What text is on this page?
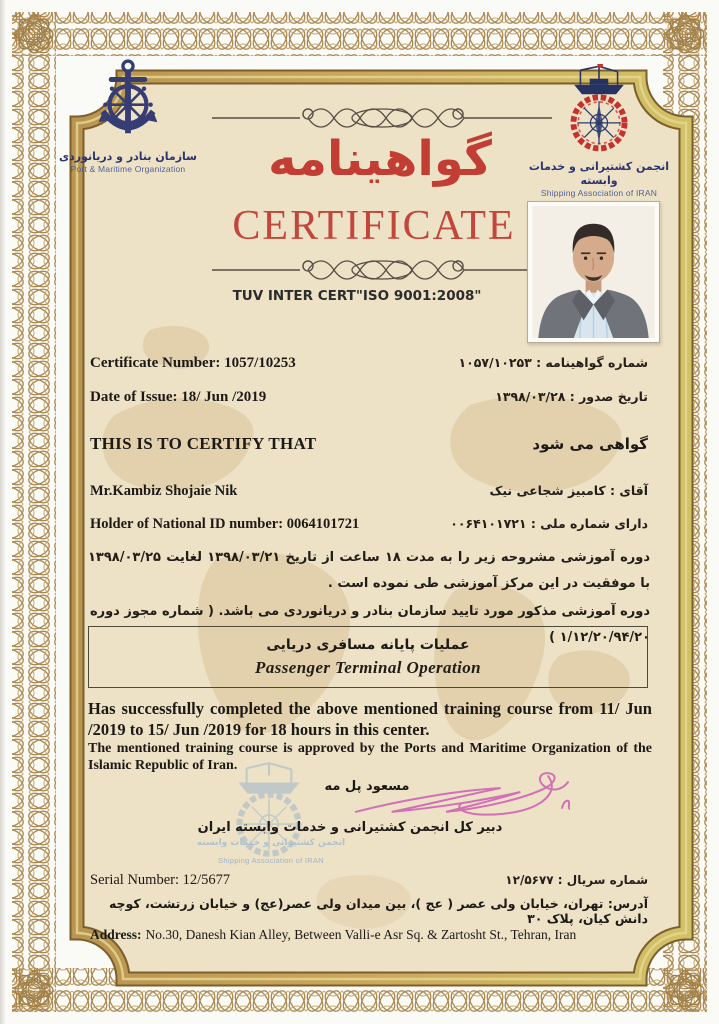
سازمان بنادر و دریانوردی
Port & Maritime Organization	انجمن کشتیرانی و خدمات وابسته
Shipping Association of IRAN
گواهینامه
CERTIFICATE
TUV INTER CERT"ISO 9001:2008"
Certificate Number: 1057/10253	شماره گواهینامه : ۱۰۵۷/۱۰۲۵۳
Date of Issue: 18/ Jun /2019	تاریخ صدور : ۱۳۹۸/۰۳/۲۸
THIS IS TO CERTIFY THAT	گواهی می شود
Mr.Kambiz Shojaie Nik	آقای : کامبیز شجاعی نیک
Holder of National ID number: 0064101721	دارای شماره ملی : ۰۰۶۴۱۰۱۷۲۱
دوره آموزشی مشروحه زیر را به مدت ۱۸ ساعت از تاریخ ۱۳۹۸/۰۳/۲۱ لغایت ۱۳۹۸/۰۳/۲۵ با موفقیت در این مرکز آموزشی طی نموده است .
دوره آموزشی مذکور مورد تایید سازمان بنادر و دریانوردی می باشد. ( شماره مجوز دوره ۱/۱۲/۲۰/۹۴/۲۰ )
عملیات پایانه مسافری دریایی
Passenger Terminal Operation
Has successfully completed the above mentioned training course from 11/ Jun /2019 to 15/ Jun /2019 for 18 hours in this center.
The mentioned training course is approved by the Ports and Maritime Organization of the Islamic Republic of Iran.
انجمن کشتیرانی و خدمات وابسته
Shipping Association of IRAN
مسعود پل مه
دبیر کل انجمن کشتیرانی و خدمات وابسته ایران
Serial Number: 12/5677	شماره سریال : ۱۲/۵۶۷۷
آدرس: تهران، خیابان ولی عصر ( عج )، بین میدان ولی عصر(عج) و خیابان زرتشت، کوچه دانش کیان، پلاک ۳۰
Address: No.30, Danesh Kian Alley, Between Valli-e Asr Sq. & Zartosht St., Tehran, Iran
